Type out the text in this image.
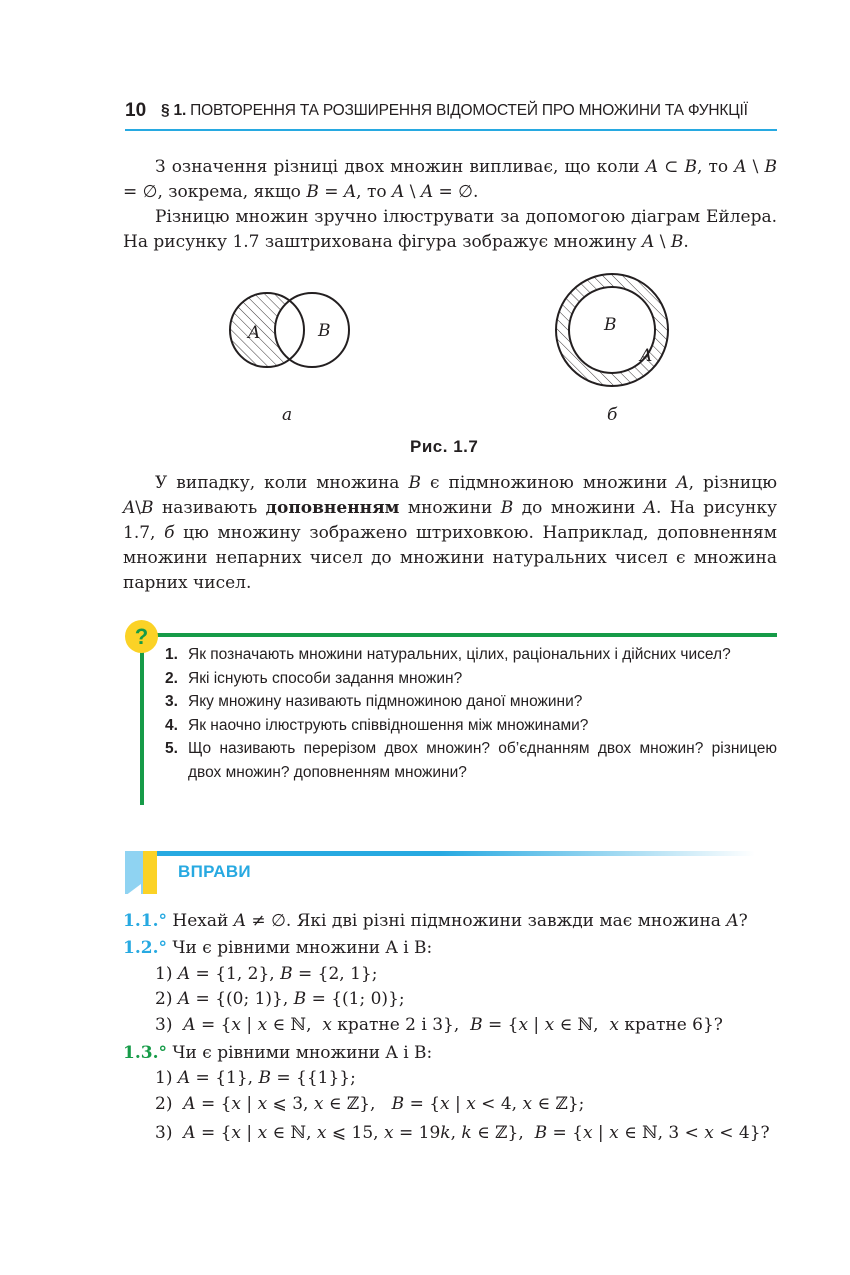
10 § 1. ПОВТОРЕННЯ ТА РОЗШИРЕННЯ ВІДОМОСТЕЙ ПРО МНОЖИНИ ТА ФУНКЦІЇ

З означення різниці двох множин випливає, що коли A ⊂ B, то A \ B = ∅, зокрема, якщо B = A, то A \ A = ∅.

Різницю множин зручно ілюструвати за допомогою діаграм Ейлера. На рисунку 1.7 заштрихована фігура зображує множину A \ B.

A	B	B
A
а	б
Рис. 1.7

У випадку, коли множина B є підмножиною множини A, різницю A\B називають доповненням множини B до множини A. На рисунку 1.7, б цю множину зображено штриховкою. Наприклад, доповненням множини непарних чисел до множини натуральних чисел є множина парних чисел.

?
1. Як позначають множини натуральних, цілих, раціональних і дійсних чисел?
2. Які існують способи задання множин?
3. Яку множину називають підмножиною даної множини?
4. Як наочно ілюструють співвідношення між множинами?
5. Що називають перерізом двох множин? об’єднанням двох множин? різницею двох множин? доповненням множини?
ВПРАВИ
1.1.° Нехай A ≠ ∅. Які дві різні підмножини завжди має множина A?
1.2.° Чи є рівними множини A і B:
1) A = {1, 2}, B = {2, 1};
2) A = {(0; 1)}, B = {(1; 0)};
3)  A = {x | x ∈ ℕ,  x кратне 2 і 3},  B = {x | x ∈ ℕ,  x кратне 6}?
1.3.° Чи є рівними множини A і B:
1) A = {1}, B = {{1}};
2)  A = {x | x ⩽ 3, x ∈ ℤ},   B = {x | x < 4, x ∈ ℤ};
3)  A = {x | x ∈ ℕ, x ⩽ 15, x = 19k, k ∈ ℤ},  B = {x | x ∈ ℕ, 3 < x < 4}?
